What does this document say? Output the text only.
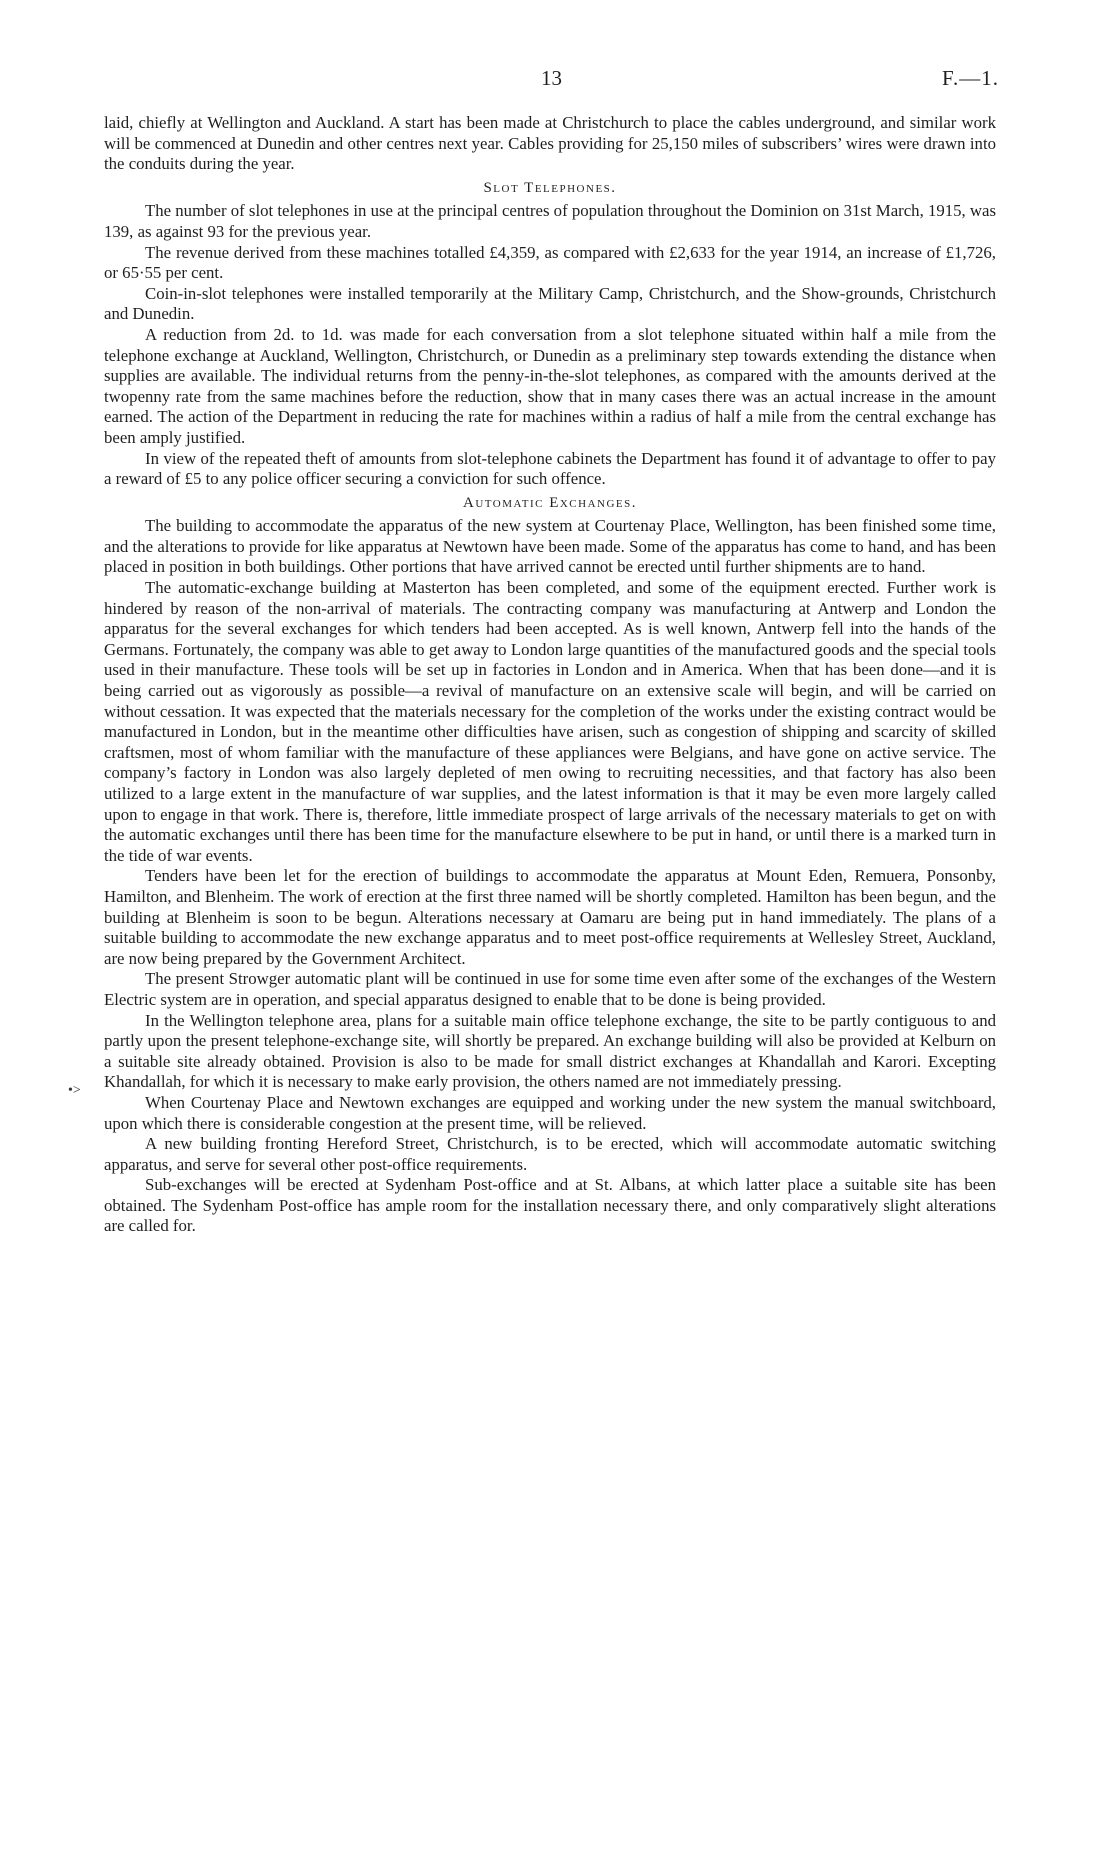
13	F.—1.
•>

laid, chiefly at Wellington and Auckland. A start has been made at Christchurch to place the cables underground, and similar work will be commenced at Dunedin and other centres next year. Cables providing for 25,150 miles of subscribers’ wires were drawn into the conduits during the year.

Slot Telephones.

The number of slot telephones in use at the principal centres of population throughout the Dominion on 31st March, 1915, was 139, as against 93 for the previous year.

The revenue derived from these machines totalled £4,359, as compared with £2,633 for the year 1914, an increase of £1,726, or 65·55 per cent.

Coin-in-slot telephones were installed temporarily at the Military Camp, Christchurch, and the Show-grounds, Christchurch and Dunedin.

A reduction from 2d. to 1d. was made for each conversation from a slot telephone situated within half a mile from the telephone exchange at Auckland, Wellington, Christchurch, or Dunedin as a preliminary step towards extending the distance when supplies are available. The individual returns from the penny-in-the-slot telephones, as compared with the amounts derived at the twopenny rate from the same machines before the reduction, show that in many cases there was an actual increase in the amount earned. The action of the Department in reducing the rate for machines within a radius of half a mile from the central exchange has been amply justified.

In view of the repeated theft of amounts from slot-telephone cabinets the Department has found it of advantage to offer to pay a reward of £5 to any police officer securing a conviction for such offence.

Automatic Exchanges.

The building to accommodate the apparatus of the new system at Courtenay Place, Wellington, has been finished some time, and the alterations to provide for like apparatus at Newtown have been made. Some of the apparatus has come to hand, and has been placed in position in both buildings. Other portions that have arrived cannot be erected until further shipments are to hand.

The automatic-exchange building at Masterton has been completed, and some of the equipment erected. Further work is hindered by reason of the non-arrival of materials. The contracting company was manufacturing at Antwerp and London the apparatus for the several exchanges for which tenders had been accepted. As is well known, Antwerp fell into the hands of the Germans. Fortunately, the company was able to get away to London large quantities of the manufactured goods and the special tools used in their manufacture. These tools will be set up in factories in London and in America. When that has been done—and it is being carried out as vigorously as possible—a revival of manufacture on an extensive scale will begin, and will be carried on without cessation. It was expected that the materials necessary for the completion of the works under the existing contract would be manufactured in London, but in the meantime other difficulties have arisen, such as congestion of shipping and scarcity of skilled craftsmen, most of whom familiar with the manufacture of these appliances were Belgians, and have gone on active service. The company’s factory in London was also largely depleted of men owing to recruiting necessities, and that factory has also been utilized to a large extent in the manufacture of war supplies, and the latest information is that it may be even more largely called upon to engage in that work. There is, therefore, little immediate prospect of large arrivals of the necessary materials to get on with the automatic exchanges until there has been time for the manufacture elsewhere to be put in hand, or until there is a marked turn in the tide of war events.

Tenders have been let for the erection of buildings to accommodate the apparatus at Mount Eden, Remuera, Ponsonby, Hamilton, and Blenheim. The work of erection at the first three named will be shortly completed. Hamilton has been begun, and the building at Blenheim is soon to be begun. Alterations necessary at Oamaru are being put in hand immediately. The plans of a suitable building to accommodate the new exchange apparatus and to meet post-office requirements at Wellesley Street, Auckland, are now being prepared by the Government Architect.

The present Strowger automatic plant will be continued in use for some time even after some of the exchanges of the Western Electric system are in operation, and special apparatus designed to enable that to be done is being provided.

In the Wellington telephone area, plans for a suitable main office telephone exchange, the site to be partly contiguous to and partly upon the present telephone-exchange site, will shortly be prepared. An exchange building will also be provided at Kelburn on a suitable site already obtained. Provision is also to be made for small district exchanges at Khandallah and Karori. Excepting Khandallah, for which it is necessary to make early provision, the others named are not immediately pressing.

When Courtenay Place and Newtown exchanges are equipped and working under the new system the manual switchboard, upon which there is considerable congestion at the present time, will be relieved.

A new building fronting Hereford Street, Christchurch, is to be erected, which will accommodate automatic switching apparatus, and serve for several other post-office requirements.

Sub-exchanges will be erected at Sydenham Post-office and at St. Albans, at which latter place a suitable site has been obtained. The Sydenham Post-office has ample room for the installation necessary there, and only comparatively slight alterations are called for.
